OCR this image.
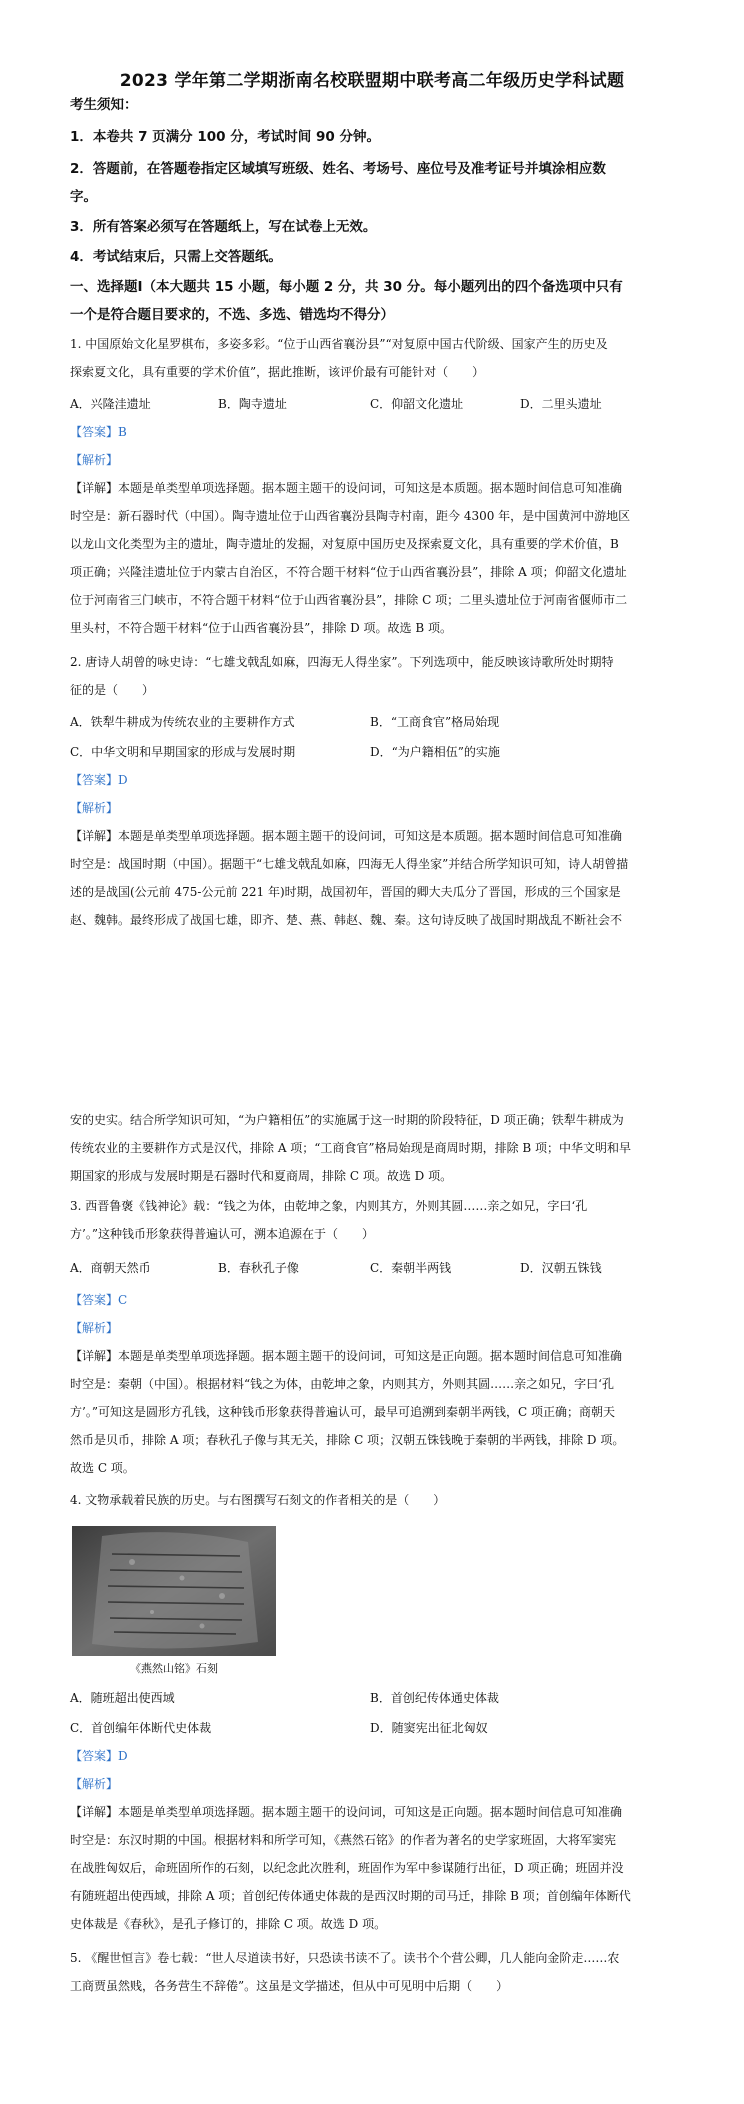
2023 学年第二学期浙南名校联盟期中联考高二年级历史学科试题
考生须知：
1．本卷共 7 页满分 100 分，考试时间 90 分钟。
2．答题前，在答题卷指定区域填写班级、姓名、考场号、座位号及准考证号并填涂相应数
字。
3．所有答案必须写在答题纸上，写在试卷上无效。
4．考试结束后，只需上交答题纸。
一、选择题Ⅰ（本大题共 15 小题，每小题 2 分，共 30 分。每小题列出的四个备选项中只有
一个是符合题目要求的，不选、多选、错选均不得分）
1. 中国原始文化星罗棋布，多姿多彩。“位于山西省襄汾县”“对复原中国古代阶级、国家产生的历史及
探索夏文化，具有重要的学术价值”，据此推断，该评价最有可能针对（　　）
A．兴隆洼遗址	B．陶寺遗址	C．仰韶文化遗址	D．二里头遗址
【答案】B
【解析】
【详解】本题是单类型单项选择题。据本题主题干的设问词，可知这是本质题。据本题时间信息可知准确
时空是：新石器时代（中国）。陶寺遗址位于山西省襄汾县陶寺村南，距今 4300 年，是中国黄河中游地区
以龙山文化类型为主的遗址，陶寺遗址的发掘，对复原中国历史及探索夏文化，具有重要的学术价值，B
项正确；兴隆洼遗址位于内蒙古自治区，不符合题干材料“位于山西省襄汾县”，排除 A 项；仰韶文化遗址
位于河南省三门峡市，不符合题干材料“位于山西省襄汾县”，排除 C 项；二里头遗址位于河南省偃师市二
里头村，不符合题干材料“位于山西省襄汾县”，排除 D 项。故选 B 项。
2. 唐诗人胡曾的咏史诗：“七雄戈戟乱如麻，四海无人得坐家”。下列选项中，能反映该诗歌所处时期特
征的是（　　）
A．铁犁牛耕成为传统农业的主要耕作方式	B．“工商食官”格局始现
C．中华文明和早期国家的形成与发展时期	D．“为户籍相伍”的实施
【答案】D
【解析】
【详解】本题是单类型单项选择题。据本题主题干的设问词，可知这是本质题。据本题时间信息可知准确
时空是：战国时期（中国）。据题干“七雄戈戟乱如麻，四海无人得坐家”并结合所学知识可知，诗人胡曾描
述的是战国(公元前 475-公元前 221 年)时期，战国初年，晋国的卿大夫瓜分了晋国，形成的三个国家是
赵、魏韩。最终形成了战国七雄，即齐、楚、燕、韩赵、魏、秦。这句诗反映了战国时期战乱不断社会不
安的史实。结合所学知识可知，“为户籍相伍”的实施属于这一时期的阶段特征，D 项正确；铁犁牛耕成为
传统农业的主要耕作方式是汉代，排除 A 项；“工商食官”格局始现是商周时期，排除 B 项；中华文明和早
期国家的形成与发展时期是石器时代和夏商周，排除 C 项。故选 D 项。
3. 西晋鲁褒《钱神论》载：“钱之为体，由乾坤之象，内则其方，外则其圆……亲之如兄，字曰‘孔
方’。”这种钱币形象获得普遍认可，溯本追源在于（　　）
A．商朝天然币	B．春秋孔子像	C．秦朝半两钱	D．汉朝五铢钱
【答案】C
【解析】
【详解】本题是单类型单项选择题。据本题主题干的设问词，可知这是正向题。据本题时间信息可知准确
时空是：秦朝（中国）。根据材料“钱之为体，由乾坤之象，内则其方，外则其圆……亲之如兄，字曰‘孔
方’。”可知这是圆形方孔钱，这种钱币形象获得普遍认可，最早可追溯到秦朝半两钱，C 项正确；商朝天
然币是贝币，排除 A 项；春秋孔子像与其无关，排除 C 项；汉朝五铢钱晚于秦朝的半两钱，排除 D 项。
故选 C 项。
4. 文物承载着民族的历史。与右图撰写石刻文的作者相关的是（　　）
《燕然山铭》石刻
A．随班超出使西域	B．首创纪传体通史体裁
C．首创编年体断代史体裁	D．随窦宪出征北匈奴
【答案】D
【解析】
【详解】本题是单类型单项选择题。据本题主题干的设问词，可知这是正向题。据本题时间信息可知准确
时空是：东汉时期的中国。根据材料和所学可知，《燕然石铭》的作者为著名的史学家班固，大将军窦宪
在战胜匈奴后，命班固所作的石刻，以纪念此次胜利，班固作为军中参谋随行出征，D 项正确；班固并没
有随班超出使西域，排除 A 项；首创纪传体通史体裁的是西汉时期的司马迁，排除 B 项；首创编年体断代
史体裁是《春秋》，是孔子修订的，排除 C 项。故选 D 项。
5. 《醒世恒言》卷七载：“世人尽道读书好，只恐读书读不了。读书个个营公卿，几人能向金阶走……农
工商贾虽然贱，各务营生不辞倦”。这虽是文学描述，但从中可见明中后期（　　）
